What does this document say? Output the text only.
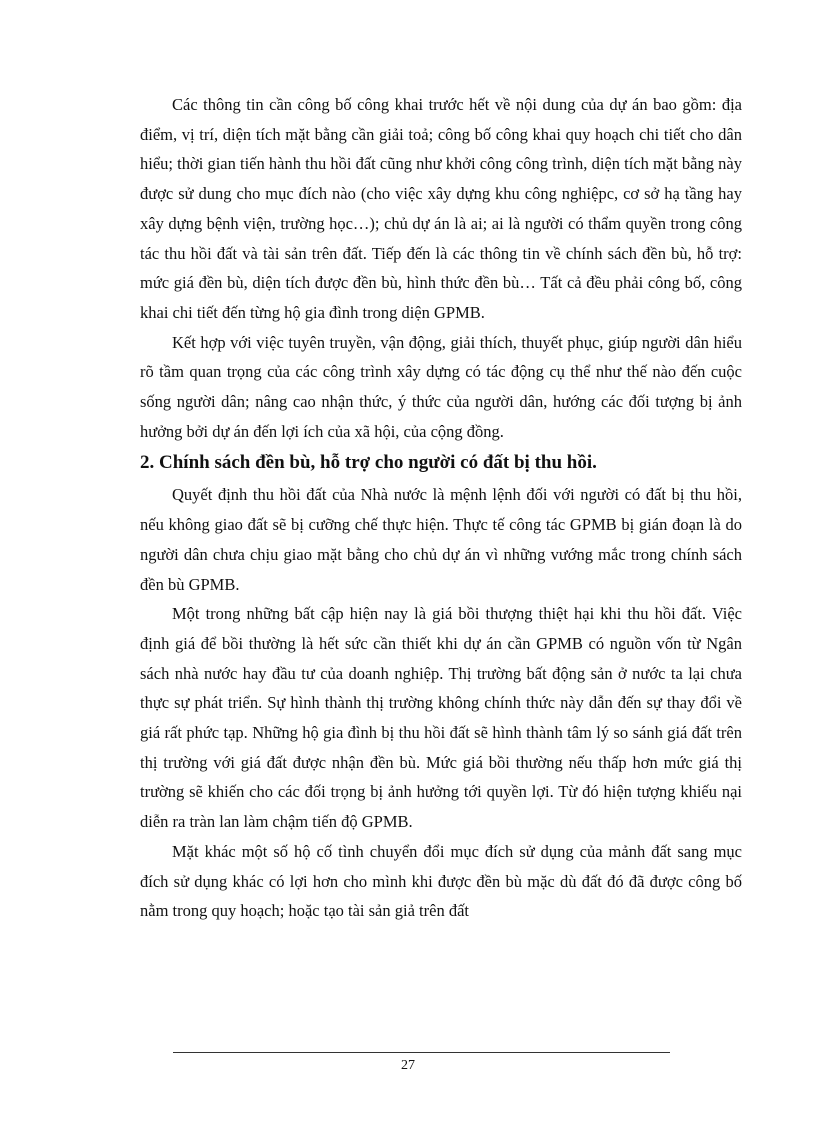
Các thông tin cần công bố công khai trước hết về nội dung của dự án bao gồm: địa điểm, vị trí, diện tích mặt bằng cần giải toả; công bố công khai quy hoạch chi tiết cho dân hiểu; thời gian tiến hành thu hồi đất cũng như khởi công công trình, diện tích mặt bằng này được sử dung cho mục đích nào (cho việc xây dựng khu công nghiệpc, cơ sở hạ tầng hay xây dựng bệnh viện, trường học…); chủ dự án là ai; ai là người có thẩm quyền trong công tác thu hồi đất và tài sản trên đất. Tiếp đến là các thông tin về chính sách đền bù, hỗ trợ: mức giá đền bù, diện tích được đền bù, hình thức đền bù… Tất cả đều phải công bố, công khai chi tiết đến từng hộ gia đình trong diện GPMB.

Kết hợp với việc tuyên truyền, vận động, giải thích, thuyết phục, giúp người dân hiểu rõ tầm quan trọng của các công trình xây dựng có tác động cụ thể như thế nào đến cuộc sống người dân; nâng cao nhận thức, ý thức của người dân, hướng các đối tượng bị ảnh hưởng bởi dự án đến lợi ích của xã hội, của cộng đồng.

2. Chính sách đền bù, hỗ trợ cho người có đất bị thu hồi.

Quyết định thu hồi đất của Nhà nước là mệnh lệnh đối với người có đất bị thu hồi, nếu không giao đất sẽ bị cưỡng chế thực hiện. Thực tế công tác GPMB bị gián đoạn là do người dân chưa chịu giao mặt bằng cho chủ dự án vì những vướng mắc trong chính sách đền bù GPMB.

Một trong những bất cập hiện nay là giá bồi thượng thiệt hại khi thu hồi đất. Việc định giá để bồi thường là hết sức cần thiết khi dự án cần GPMB có nguồn vốn từ Ngân sách nhà nước hay đầu tư của doanh nghiệp. Thị trường bất động sản ở nước ta lại chưa thực sự phát triển. Sự hình thành thị trường không chính thức này dẫn đến sự thay đổi về giá rất phức tạp. Những hộ gia đình bị thu hồi đất sẽ hình thành tâm lý so sánh giá đất trên thị trường với giá đất được nhận đền bù. Mức giá bồi thường nếu thấp hơn mức giá thị trường sẽ khiến cho các đối trọng bị ảnh hưởng tới quyền lợi. Từ đó hiện tượng khiếu nại diễn ra tràn lan làm chậm tiến độ GPMB.

Mặt khác một số hộ cố tình chuyển đổi mục đích sử dụng của mảnh đất sang mục đích sử dụng khác có lợi hơn cho mình khi được đền bù mặc dù đất đó đã được công bố nằm trong quy hoạch; hoặc tạo tài sản giả trên đất

27
